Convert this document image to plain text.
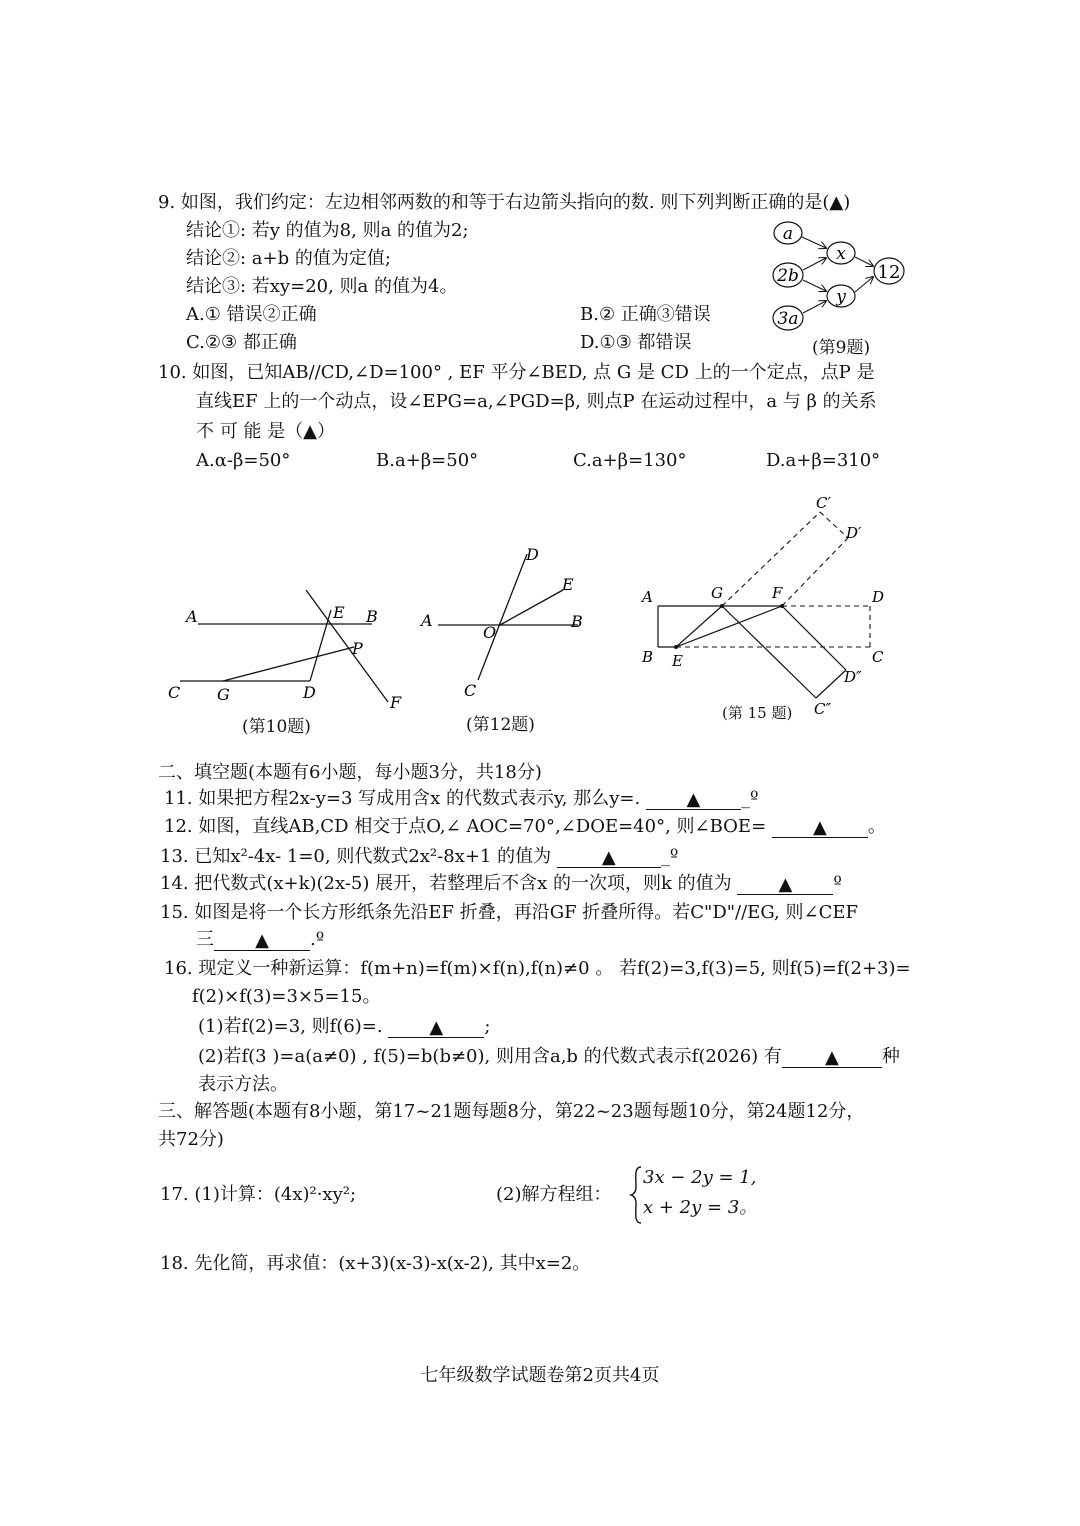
9. 如图，我们约定：左边相邻两数的和等于右边箭头指向的数. 则下列判断正确的是(▲)
结论①: 若y 的值为8, 则a 的值为2;
结论②: a+b 的值为定值;
结论③: 若xy=20, 则a 的值为4。
A.① 错误②正确	B.② 正确③错误
C.②③ 都正确	D.①③ 都错误
a
2b
3a
x
y
12
(第9题)
10. 如图，已知AB//CD,∠D=100° , EF 平分∠BED, 点 G 是 CD 上的一个定点，点P 是
直线EF 上的一个动点，设∠EPG=a,∠PGD=β, 则点P 在运动过程中，a 与 β 的关系
不 可 能 是（▲）
A.α-β=50°	B.a+β=50°	C.a+β=130°	D.a+β=310°
A	E B
P
C G	D
F
(第10题)
D
E
A
O
B
C
(第12题)
C′
D′
A	G	F	D
B E	C
D″
C″
(第 15 题)
二、填空题(本题有6小题，每小题3分，共18分)
11. 如果把方程2x-y=3 写成用含x 的代数式表示y, 那么y=.	▲ _º
12. 如图，直线AB,CD 相交于点O,∠ AOC=70°,∠DOE=40°, 则∠BOE=	▲ 。
13. 已知x²-4x- 1=0, 则代数式2x²-8x+1 的值为	▲	_º
14. 把代数式(x+k)(2x-5) 展开，若整理后不含x 的一次项，则k 的值为	▲ º
15. 如图是将一个长方形纸条先沿EF 折叠，再沿GF 折叠所得。若C"D"//EG, 则∠CEF
三 ▲ .º
16. 现定义一种新运算：f(m+n)=f(m)×f(n),f(n)≠0 。 若f(2)=3,f(3)=5, 则f(5)=f(2+3)=
f(2)×f(3)=3×5=15。
(1)若f(2)=3, 则f(6)=.	▲ ;
(2)若f(3 )=a(a≠0) , f(5)=b(b≠0), 则用含a,b 的代数式表示f(2026) 有 ▲ 种
表示方法。
三、解答题(本题有8小题，第17~21题每题8分，第22~23题每题10分，第24题12分，
共72分)
17. (1)计算：(4x)²·xy²;	(2)解方程组：
3x − 2y = 1,
x + 2y = 3。
18. 先化简，再求值：(x+3)(x-3)-x(x-2), 其中x=2。
七年级数学试题卷第2页共4页
